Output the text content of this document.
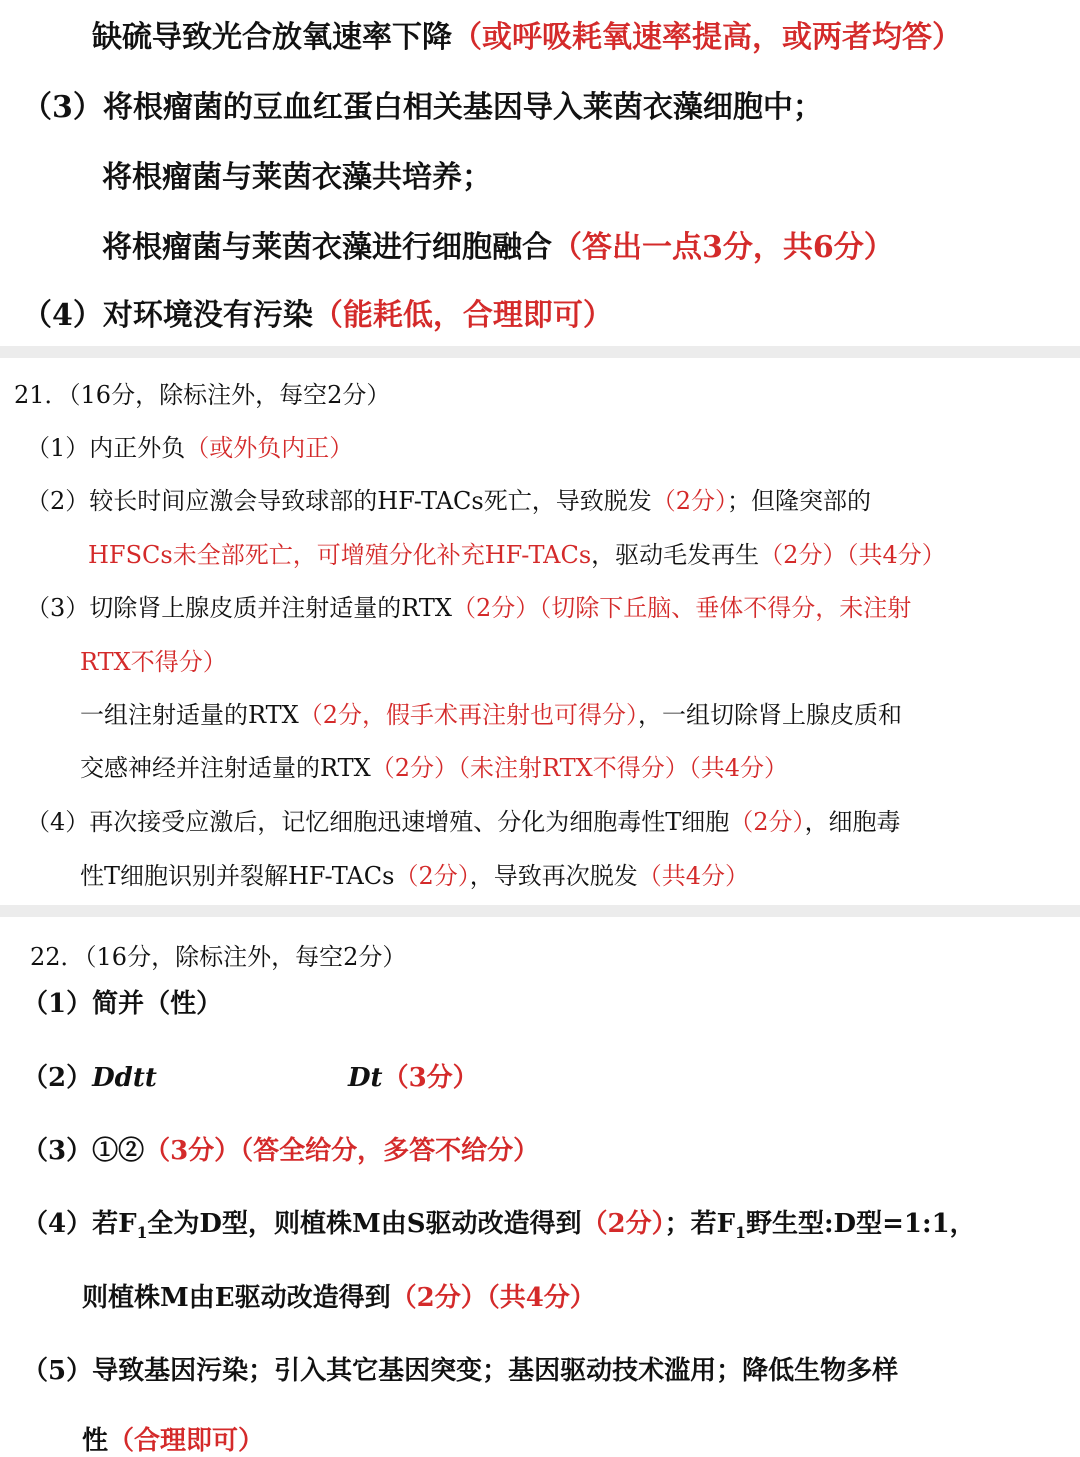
缺硫导致光合放氧速率下降（或呼吸耗氧速率提高，或两者均答）
（3）将根瘤菌的豆血红蛋白相关基因导入莱茵衣藻细胞中；
将根瘤菌与莱茵衣藻共培养；
将根瘤菌与莱茵衣藻进行细胞融合（答出一点3分，共6分）
（4）对环境没有污染（能耗低，合理即可）
21．（16分，除标注外，每空2分）
（1）内正外负（或外负内正）
（2）较长时间应激会导致球部的HF-TACs死亡，导致脱发（2分）；但隆突部的
HFSCs未全部死亡，可增殖分化补充HF-TACs，驱动毛发再生（2分）（共4分）
（3）切除肾上腺皮质并注射适量的RTX（2分）（切除下丘脑、垂体不得分，未注射
RTX不得分）
一组注射适量的RTX（2分，假手术再注射也可得分），一组切除肾上腺皮质和
交感神经并注射适量的RTX（2分）（未注射RTX不得分）（共4分）
（4）再次接受应激后，记忆细胞迅速增殖、分化为细胞毒性T细胞（2分），细胞毒
性T细胞识别并裂解HF-TACs（2分），导致再次脱发（共4分）
22．（16分，除标注外，每空2分）
（1）简并（性）
（2）Ddtt	Dt（3分）
（3）①②（3分）（答全给分，多答不给分）
（4）若$F_1$全为D型，则植株M由S驱动改造得到（2分）；若$F_1$野生型:D型=1:1，
则植株M由E驱动改造得到（2分）（共4分）
（5）导致基因污染；引入其它基因突变；基因驱动技术滥用；降低生物多样
性（合理即可）
